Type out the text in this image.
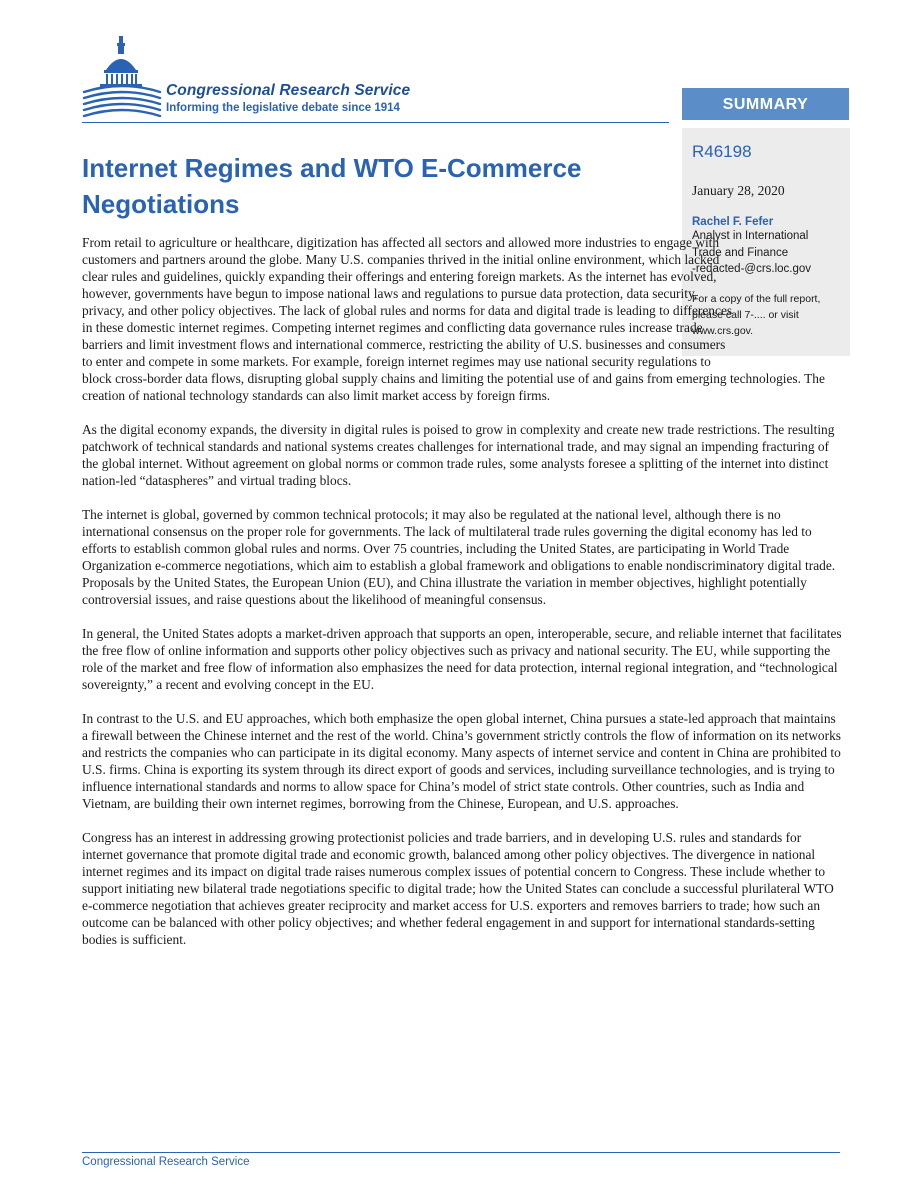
Congressional Research Service
Informing the legislative debate since 1914	SUMMARY
R46198
January 28, 2020
Rachel F. Fefer
Analyst in International
Trade and Finance
-redacted-@crs.loc.gov
For a copy of the full report,
please call 7-.... or visit
www.crs.gov.
Internet Regimes and WTO E-Commerce Negotiations

From retail to agriculture or healthcare, digitization has affected all sectors and allowed more industries to engage with customers and partners around the globe. Many U.S. companies thrived in the initial online environment, which lacked clear rules and guidelines, quickly expanding their offerings and entering foreign markets. As the internet has evolved, however, governments have begun to impose national laws and regulations to pursue data protection, data security, privacy, and other policy objectives. The lack of global rules and norms for data and digital trade is leading to differences in these domestic internet regimes. Competing internet regimes and conflicting data governance rules increase trade barriers and limit investment flows and international commerce, restricting the ability of U.S. businesses and consumers to enter and compete in some markets. For example, foreign internet regimes may use national security regulations to block cross-border data flows, disrupting global supply chains and limiting the potential use of and gains from emerging technologies. The creation of national technology standards can also limit market access by foreign firms.

As the digital economy expands, the diversity in digital rules is poised to grow in complexity and create new trade restrictions. The resulting patchwork of technical standards and national systems creates challenges for international trade, and may signal an impending fracturing of the global internet. Without agreement on global norms or common trade rules, some analysts foresee a splitting of the internet into distinct nation-led “dataspheres” and virtual trading blocs.

The internet is global, governed by common technical protocols; it may also be regulated at the national level, although there is no international consensus on the proper role for governments. The lack of multilateral trade rules governing the digital economy has led to efforts to establish common global rules and norms. Over 75 countries, including the United States, are participating in World Trade Organization e-commerce negotiations, which aim to establish a global framework and obligations to enable nondiscriminatory digital trade. Proposals by the United States, the European Union (EU), and China illustrate the variation in member objectives, highlight potentially controversial issues, and raise questions about the likelihood of meaningful consensus.

In general, the United States adopts a market-driven approach that supports an open, interoperable, secure, and reliable internet that facilitates the free flow of online information and supports other policy objectives such as privacy and national security. The EU, while supporting the role of the market and free flow of information also emphasizes the need for data protection, internal regional integration, and “technological sovereignty,” a recent and evolving concept in the EU.

In contrast to the U.S. and EU approaches, which both emphasize the open global internet, China pursues a state-led approach that maintains a firewall between the Chinese internet and the rest of the world. China’s government strictly controls the flow of information on its networks and restricts the companies who can participate in its digital economy. Many aspects of internet service and content in China are prohibited to U.S. firms. China is exporting its system through its direct export of goods and services, including surveillance technologies, and is trying to influence international standards and norms to allow space for China’s model of strict state controls. Other countries, such as India and Vietnam, are building their own internet regimes, borrowing from the Chinese, European, and U.S. approaches.

Congress has an interest in addressing growing protectionist policies and trade barriers, and in developing U.S. rules and standards for internet governance that promote digital trade and economic growth, balanced among other policy objectives. The divergence in national internet regimes and its impact on digital trade raises numerous complex issues of potential concern to Congress. These include whether to support initiating new bilateral trade negotiations specific to digital trade; how the United States can conclude a successful plurilateral WTO e-commerce negotiation that achieves greater reciprocity and market access for U.S. exporters and removes barriers to trade; how such an outcome can be balanced with other policy objectives; and whether federal engagement in and support for international standards-setting bodies is sufficient.

Congressional Research Service
